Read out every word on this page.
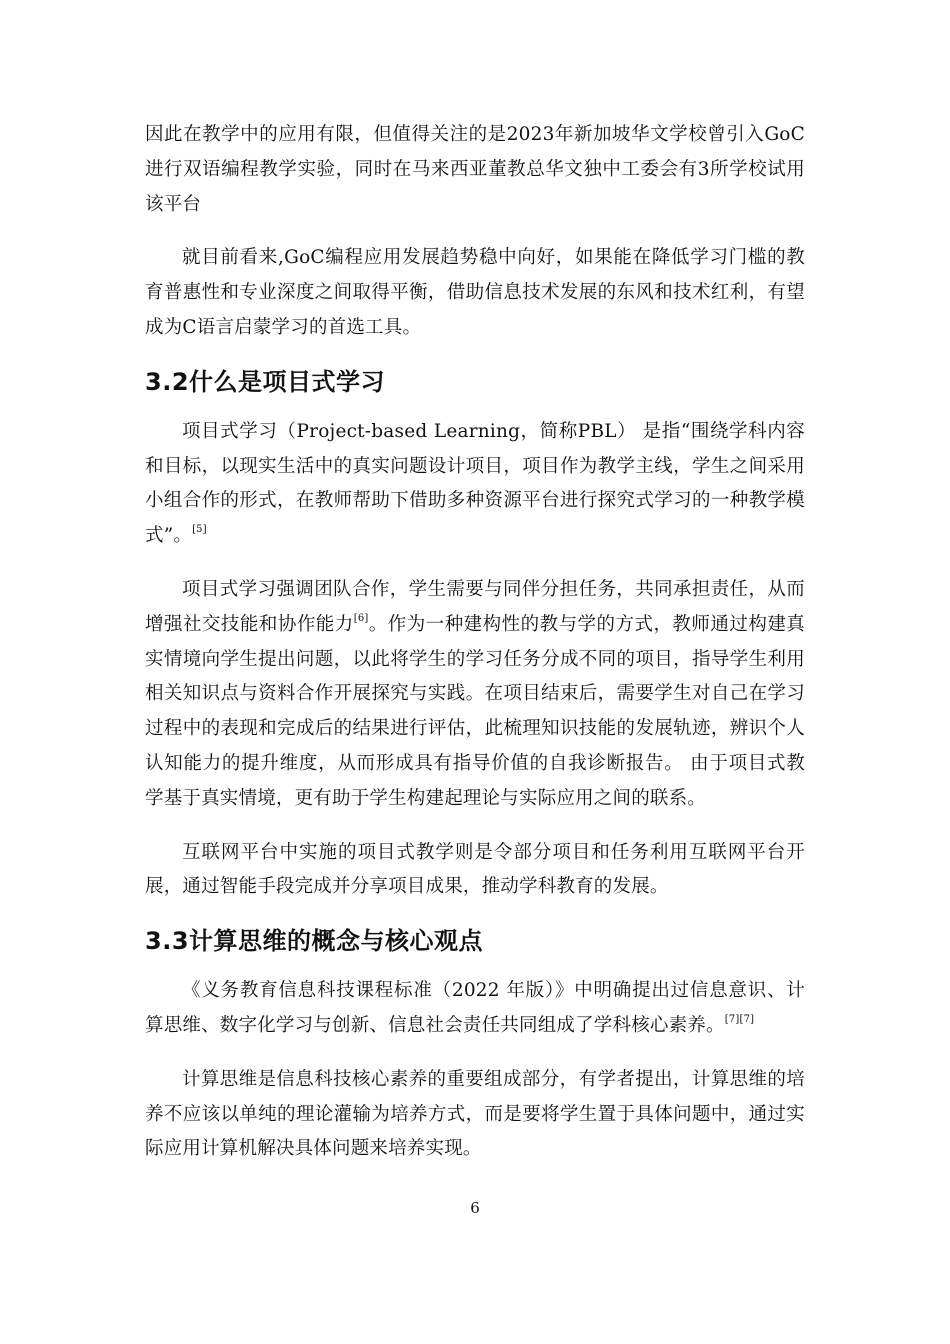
因此在教学中的应用有限，但值得关注的是2023年新加坡华文学校曾引入GoC进行双语编程教学实验，同时在马来西亚董教总华文独中工委会有3所学校试用该平台

就目前看来,GoC编程应用发展趋势稳中向好，如果能在降低学习门槛的教育普惠性和专业深度之间取得平衡，借助信息技术发展的东风和技术红利，有望成为C语言启蒙学习的首选工具。

3.2什么是项目式学习

项目式学习（Project-based Learning，简称PBL） 是指“围绕学科内容和目标，以现实生活中的真实问题设计项目，项目作为教学主线，学生之间采用小组合作的形式，在教师帮助下借助多种资源平台进行探究式学习的一种教学模式”。[5]

项目式学习强调团队合作，学生需要与同伴分担任务，共同承担责任，从而增强社交技能和协作能力[6]。作为一种建构性的教与学的方式，教师通过构建真实情境向学生提出问题，以此将学生的学习任务分成不同的项目，指导学生利用相关知识点与资料合作开展探究与实践。在项目结束后，需要学生对自己在学习过程中的表现和完成后的结果进行评估，此梳理知识技能的发展轨迹，辨识个人认知能力的提升维度，从而形成具有指导价值的自我诊断报告。 由于项目式教学基于真实情境，更有助于学生构建起理论与实际应用之间的联系。

互联网平台中实施的项目式教学则是令部分项目和任务利用互联网平台开展，通过智能手段完成并分享项目成果，推动学科教育的发展。

3.3计算思维的概念与核心观点

《义务教育信息科技课程标准（2022 年版）》中明确提出过信息意识、计算思维、数字化学习与创新、信息社会责任共同组成了学科核心素养。[7][7]

计算思维是信息科技核心素养的重要组成部分，有学者提出，计算思维的培养不应该以单纯的理论灌输为培养方式，而是要将学生置于具体问题中，通过实际应用计算机解决具体问题来培养实现。

6
